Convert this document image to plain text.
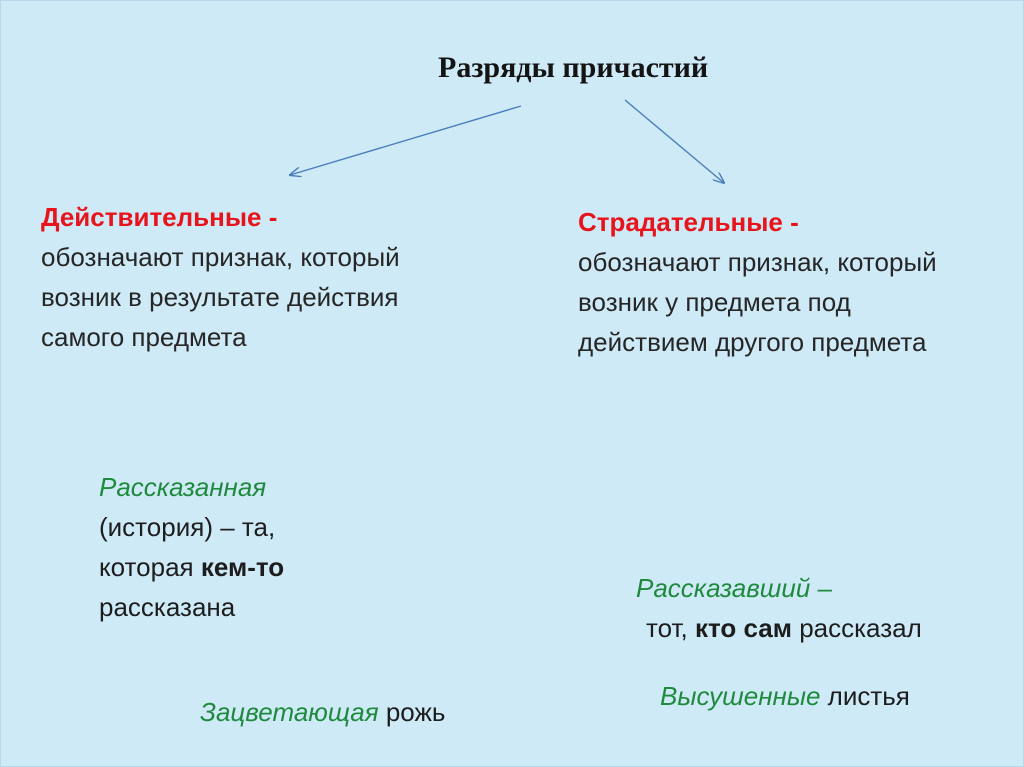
Разряды причастий
Действительные -
обозначают признак, который
возник в результате действия
самого предмета
Страдательные -
обозначают признак, который
возник у предмета под
действием другого предмета
Рассказанная
(история) – та,
которая кем-то
рассказана
Зацветающая рожь
Рассказавший –
тот, кто сам рассказал
Высушенные листья
